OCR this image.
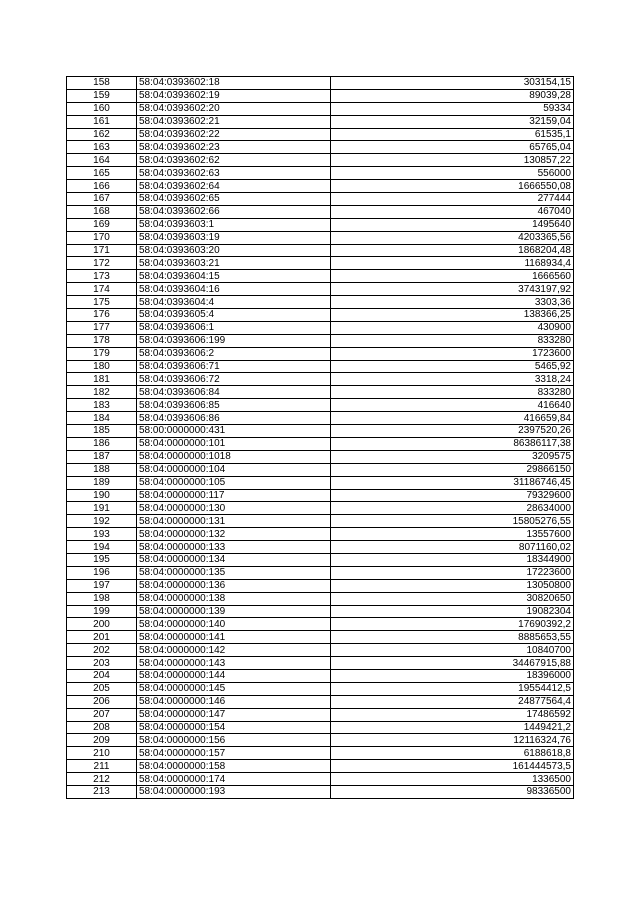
158	58:04:0393602:18	303154,15
159	58:04:0393602:19	89039,28
160	58:04:0393602:20	59334
161	58:04:0393602:21	32159,04
162	58:04:0393602:22	61535,1
163	58:04:0393602:23	65765,04
164	58:04:0393602:62	130857,22
165	58:04:0393602:63	556000
166	58:04:0393602:64	1666550,08
167	58:04:0393602:65	277444
168	58:04:0393602:66	467040
169	58:04:0393603:1	1495640
170	58:04:0393603:19	4203365,56
171	58:04:0393603:20	1868204,48
172	58:04:0393603:21	1168934,4
173	58:04:0393604:15	1666560
174	58:04:0393604:16	3743197,92
175	58:04:0393604:4	3303,36
176	58:04:0393605:4	138366,25
177	58:04:0393606:1	430900
178	58:04:0393606:199	833280
179	58:04:0393606:2	1723600
180	58:04:0393606:71	5465,92
181	58:04:0393606:72	3318,24
182	58:04:0393606:84	833280
183	58:04:0393606:85	416640
184	58:04:0393606:86	416659,84
185	58:00:0000000:431	2397520,26
186	58:04:0000000:101	86386117,38
187	58:04:0000000:1018	3209575
188	58:04:0000000:104	29866150
189	58:04:0000000:105	31186746,45
190	58:04:0000000:117	79329600
191	58:04:0000000:130	28634000
192	58:04:0000000:131	15805276,55
193	58:04:0000000:132	13557600
194	58:04:0000000:133	8071160,02
195	58:04:0000000:134	18344900
196	58:04:0000000:135	17223600
197	58:04:0000000:136	13050800
198	58:04:0000000:138	30820650
199	58:04:0000000:139	19082304
200	58:04:0000000:140	17690392,2
201	58:04:0000000:141	8885653,55
202	58:04:0000000:142	10840700
203	58:04:0000000:143	34467915,88
204	58:04:0000000:144	18396000
205	58:04:0000000:145	19554412,5
206	58:04:0000000:146	24877564,4
207	58:04:0000000:147	17486592
208	58:04:0000000:154	1449421,2
209	58:04:0000000:156	12116324,76
210	58:04:0000000:157	6188618,8
211	58:04:0000000:158	161444573,5
212	58:04:0000000:174	1336500
213	58:04:0000000:193	98336500
